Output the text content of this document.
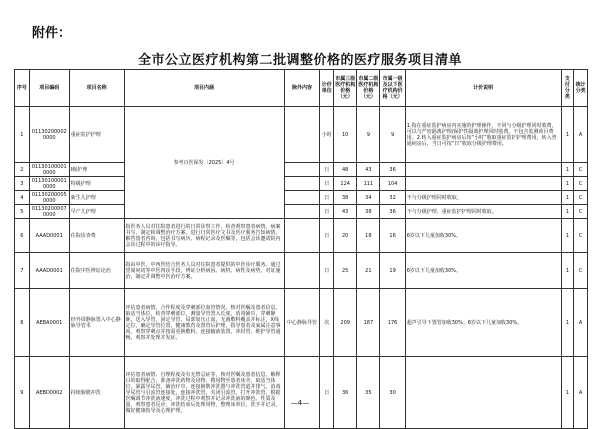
附件：
全市公立医疗机构第二批调整价格的医疗服务项目清单
序号	项目编码	项目名称	项目内涵	除外内容	计价单位	市属三级医疗机构价格（元）	市属二级医疗机构价格（元）	市属一级及以下医疗机构价格（元）	计价说明	支付分类	统计分类
1	011302000020000	重症监护护理	参考百医保发〔2025〕4号		小时	10	9	9	1.指在重症监护病房内实施的护理操作，不同与分级护理同时收费，可以与严密隔离护理/保护性隔离护理同时收费。不包含监测项目费用。2.转入重症监护病房后按“小时”收取重症监护护理费用，转入普通病房后，当日可按“日”收取分级护理费用。	1	A
2	011301000010000	Ⅰ级护理			日	48	43	36		1	C
3	011301000010000	特级护理			日	124	111	104		1	C
4	011302000050000	新生儿护理			日	38	34	32	不与分级护理同时收取。	1	C
5	011302000070000	早产儿护理			日	43	38	36	不与分级护理、重症监护护理同时收取。	1	C
6	AAAD0001	住院诊查费	指医务人员对住院患者进行的日常诊察工作，检查观察患者病情，病案书写，制定和调整治疗方案，进行日常医疗文书及医疗服务告知病情，解答患者咨询，包括书写病历、病程记录及医嘱等，包括会诊邀请院内会诊过程中的诊疗指导。		日	20	18	16	6岁以下儿童加收30%。	1	C
7	AAAD0001	住院中医辨证论治	指由中医、中西医结合医务人员对住院患者提供的中医诊疗服务。通过望闻问切等中医四诊手段，辨证分析病因、病机、病性及病势，对证施治，制定并调整中医治疗方案。		日	25	21	19	6岁以下儿童加收30%。	1	C
8	AEBA0001	经外周静脉置入中心静脉导管术	评估患者病情、合作程度及穿刺部位血管情况，核对医嘱及患者信息，取适当体位，检查穿刺部位，测量导管置入长度，消毒铺巾，穿刺静脉，送入导管，固定导管，局部加压止血，无菌敷料覆盖并标注，X线定位，确定导管位置，健康教育及置管后护理，指导患者及家属注意事项，观察穿刺点并按需更换敷料，连接输液装置，冲封管，维护导管通畅，观察并处理并发症。	中心静脉导管	次	209	187	176	超声引导下置管加收30%；6岁以下儿童加收30%。	1	A
9	AEBD0002	持续膀胱冲洗	评估患者病情、自理程度及有无禁忌症等，核对医嘱及患者信息，解释目的取得配合，准备冲洗药物及用物，携用物至患者床旁，取适当体位，暴露导尿管，铺治疗巾，连接膀胱冲洗器与冲洗管道并排气，消毒导尿管与引流管连接处，连接冲洗管，夹闭引流管，打开冲洗管，根据医嘱调节冲洗液速度，冲洗过程中观察并记录冲洗液的颜色、性质及量，观察患者反应，冲洗结束后处理用物，整理床单位，洗手并记录。做好健康指导及心理护理。		日	36	35	30		1	A
—4—
